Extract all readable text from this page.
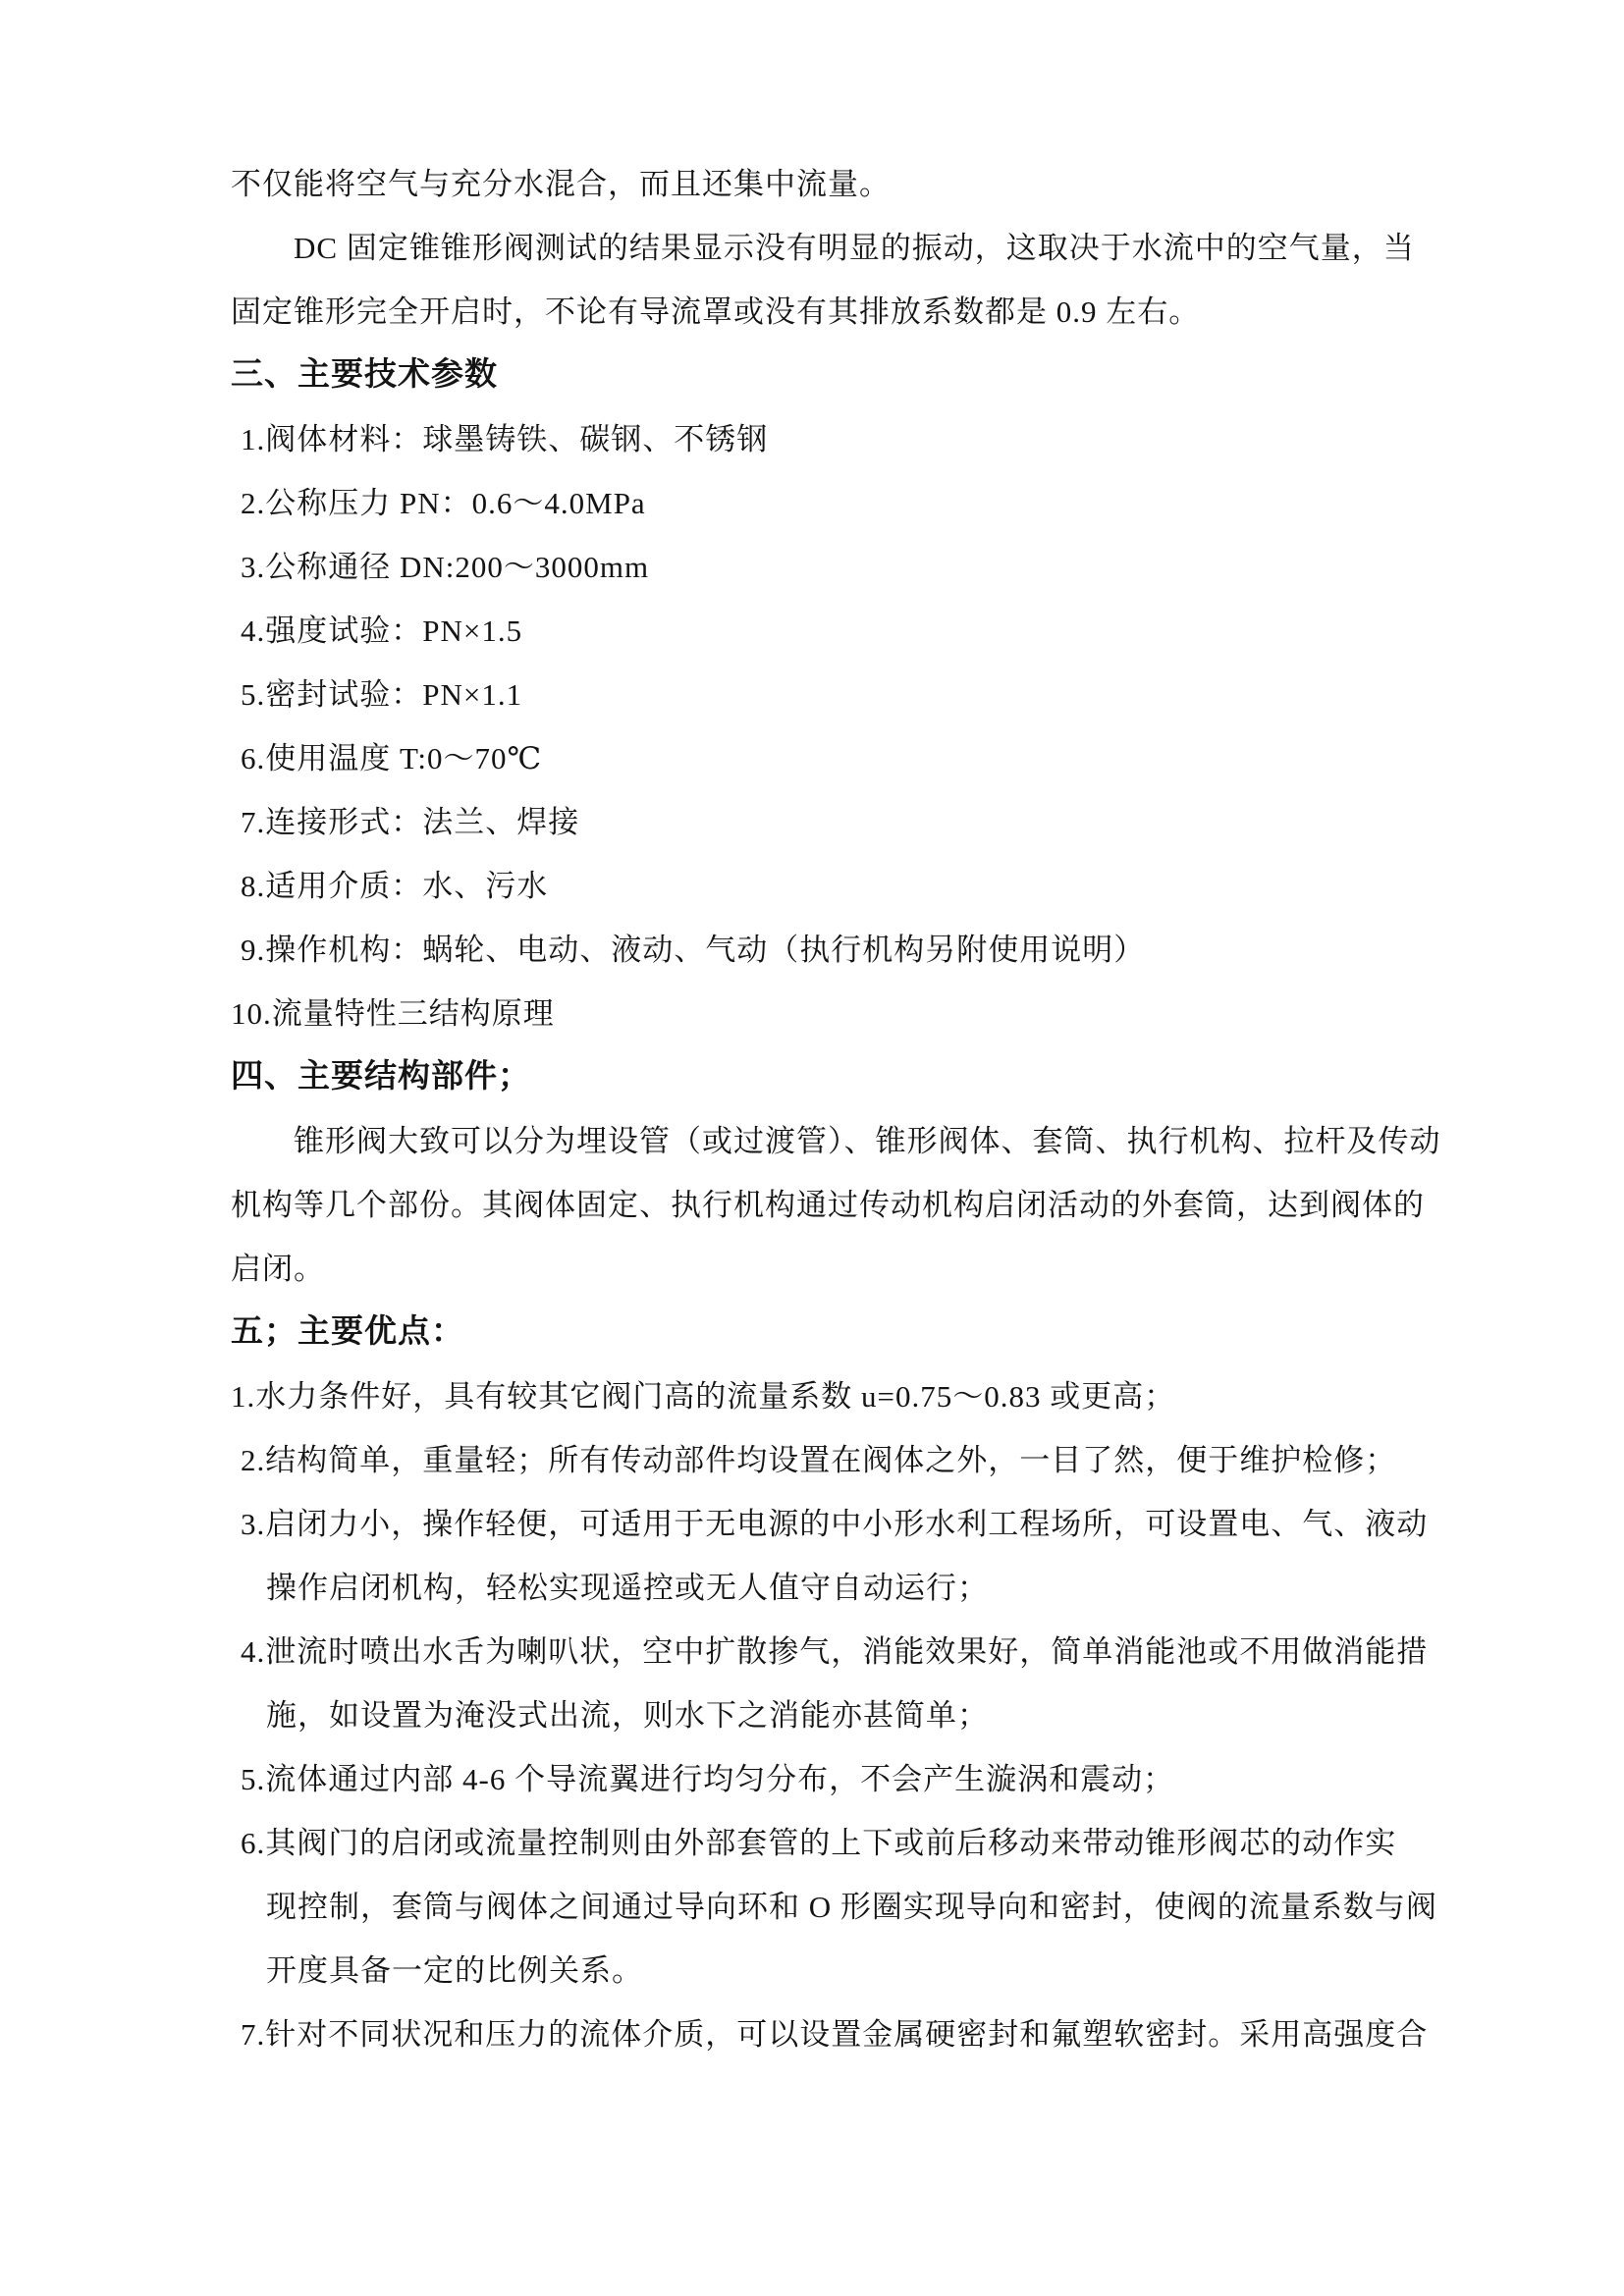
不仅能将空气与充分水混合，而且还集中流量。
DC 固定锥锥形阀测试的结果显示没有明显的振动，这取决于水流中的空气量，当
固定锥形完全开启时，不论有导流罩或没有其排放系数都是 0.9 左右。
三、主要技术参数
1.阀体材料：球墨铸铁、碳钢、不锈钢
2.公称压力 PN：0.6～4.0MPa
3.公称通径 DN:200～3000mm
4.强度试验：PN×1.5
5.密封试验：PN×1.1
6.使用温度 T:0～70℃
7.连接形式：法兰、焊接
8.适用介质：水、污水
9.操作机构：蜗轮、电动、液动、气动（执行机构另附使用说明）
10.流量特性三结构原理
四、主要结构部件；
锥形阀大致可以分为埋设管（或过渡管）、锥形阀体、套筒、执行机构、拉杆及传动
机构等几个部份。其阀体固定、执行机构通过传动机构启闭活动的外套筒，达到阀体的
启闭。
五；主要优点：
1.水力条件好，具有较其它阀门高的流量系数 u=0.75～0.83 或更高；
2.结构简单，重量轻；所有传动部件均设置在阀体之外，一目了然，便于维护检修；
3.启闭力小，操作轻便，可适用于无电源的中小形水利工程场所，可设置电、气、液动
操作启闭机构，轻松实现遥控或无人值守自动运行；
4.泄流时喷出水舌为喇叭状，空中扩散掺气，消能效果好，简单消能池或不用做消能措
施，如设置为淹没式出流，则水下之消能亦甚简单；
5.流体通过内部 4-6 个导流翼进行均匀分布，不会产生漩涡和震动；
6.其阀门的启闭或流量控制则由外部套管的上下或前后移动来带动锥形阀芯的动作实
现控制，套筒与阀体之间通过导向环和 O 形圈实现导向和密封，使阀的流量系数与阀
开度具备一定的比例关系。
7.针对不同状况和压力的流体介质，可以设置金属硬密封和氟塑软密封。采用高强度合
